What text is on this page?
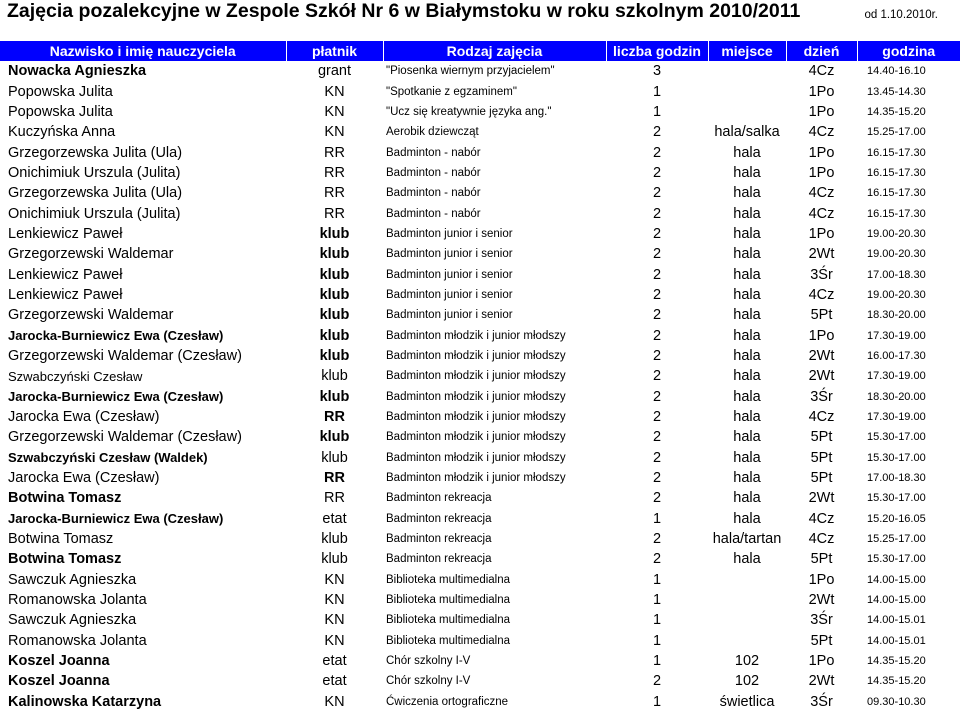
Zajęcia pozalekcyjne w Zespole Szkół Nr 6 w Białymstoku w roku szkolnym 2010/2011	od 1.10.2010r.
Nazwisko i imię nauczyciela	płatnik	Rodzaj zajęcia	liczba godzin	miejsce	dzień	godzina
Nowacka Agnieszka	grant	"Piosenka wiernym przyjacielem"	3		4Cz	14.40-16.10
Popowska Julita	KN	"Spotkanie z egzaminem"	1		1Po	13.45-14.30
Popowska Julita	KN	"Ucz się kreatywnie języka ang."	1		1Po	14.35-15.20
Kuczyńska Anna	KN	Aerobik dziewcząt	2	hala/salka	4Cz	15.25-17.00
Grzegorzewska Julita (Ula)	RR	Badminton - nabór	2	hala	1Po	16.15-17.30
Onichimiuk Urszula (Julita)	RR	Badminton - nabór	2	hala	1Po	16.15-17.30
Grzegorzewska Julita (Ula)	RR	Badminton - nabór	2	hala	4Cz	16.15-17.30
Onichimiuk Urszula (Julita)	RR	Badminton - nabór	2	hala	4Cz	16.15-17.30
Lenkiewicz Paweł	klub	Badminton junior i senior	2	hala	1Po	19.00-20.30
Grzegorzewski Waldemar	klub	Badminton junior i senior	2	hala	2Wt	19.00-20.30
Lenkiewicz Paweł	klub	Badminton junior i senior	2	hala	3Śr	17.00-18.30
Lenkiewicz Paweł	klub	Badminton junior i senior	2	hala	4Cz	19.00-20.30
Grzegorzewski Waldemar	klub	Badminton junior i senior	2	hala	5Pt	18.30-20.00
Jarocka-Burniewicz Ewa (Czesław)	klub	Badminton młodzik i junior młodszy	2	hala	1Po	17.30-19.00
Grzegorzewski Waldemar (Czesław)	klub	Badminton młodzik i junior młodszy	2	hala	2Wt	16.00-17.30
Szwabczyński Czesław	klub	Badminton młodzik i junior młodszy	2	hala	2Wt	17.30-19.00
Jarocka-Burniewicz Ewa (Czesław)	klub	Badminton młodzik i junior młodszy	2	hala	3Śr	18.30-20.00
Jarocka Ewa (Czesław)	RR	Badminton młodzik i junior młodszy	2	hala	4Cz	17.30-19.00
Grzegorzewski Waldemar (Czesław)	klub	Badminton młodzik i junior młodszy	2	hala	5Pt	15.30-17.00
Szwabczyński Czesław (Waldek)	klub	Badminton młodzik i junior młodszy	2	hala	5Pt	15.30-17.00
Jarocka Ewa (Czesław)	RR	Badminton młodzik i junior młodszy	2	hala	5Pt	17.00-18.30
Botwina Tomasz	RR	Badminton rekreacja	2	hala	2Wt	15.30-17.00
Jarocka-Burniewicz Ewa (Czesław)	etat	Badminton rekreacja	1	hala	4Cz	15.20-16.05
Botwina Tomasz	klub	Badminton rekreacja	2	hala/tartan	4Cz	15.25-17.00
Botwina Tomasz	klub	Badminton rekreacja	2	hala	5Pt	15.30-17.00
Sawczuk Agnieszka	KN	Biblioteka multimedialna	1		1Po	14.00-15.00
Romanowska Jolanta	KN	Biblioteka multimedialna	1		2Wt	14.00-15.00
Sawczuk Agnieszka	KN	Biblioteka multimedialna	1		3Śr	14.00-15.01
Romanowska Jolanta	KN	Biblioteka multimedialna	1		5Pt	14.00-15.01
Koszel Joanna	etat	Chór szkolny I-V	1	102	1Po	14.35-15.20
Koszel Joanna	etat	Chór szkolny I-V	2	102	2Wt	14.35-15.20
Kalinowska Katarzyna	KN	Ćwiczenia ortograficzne	1	świetlica	3Śr	09.30-10.30
